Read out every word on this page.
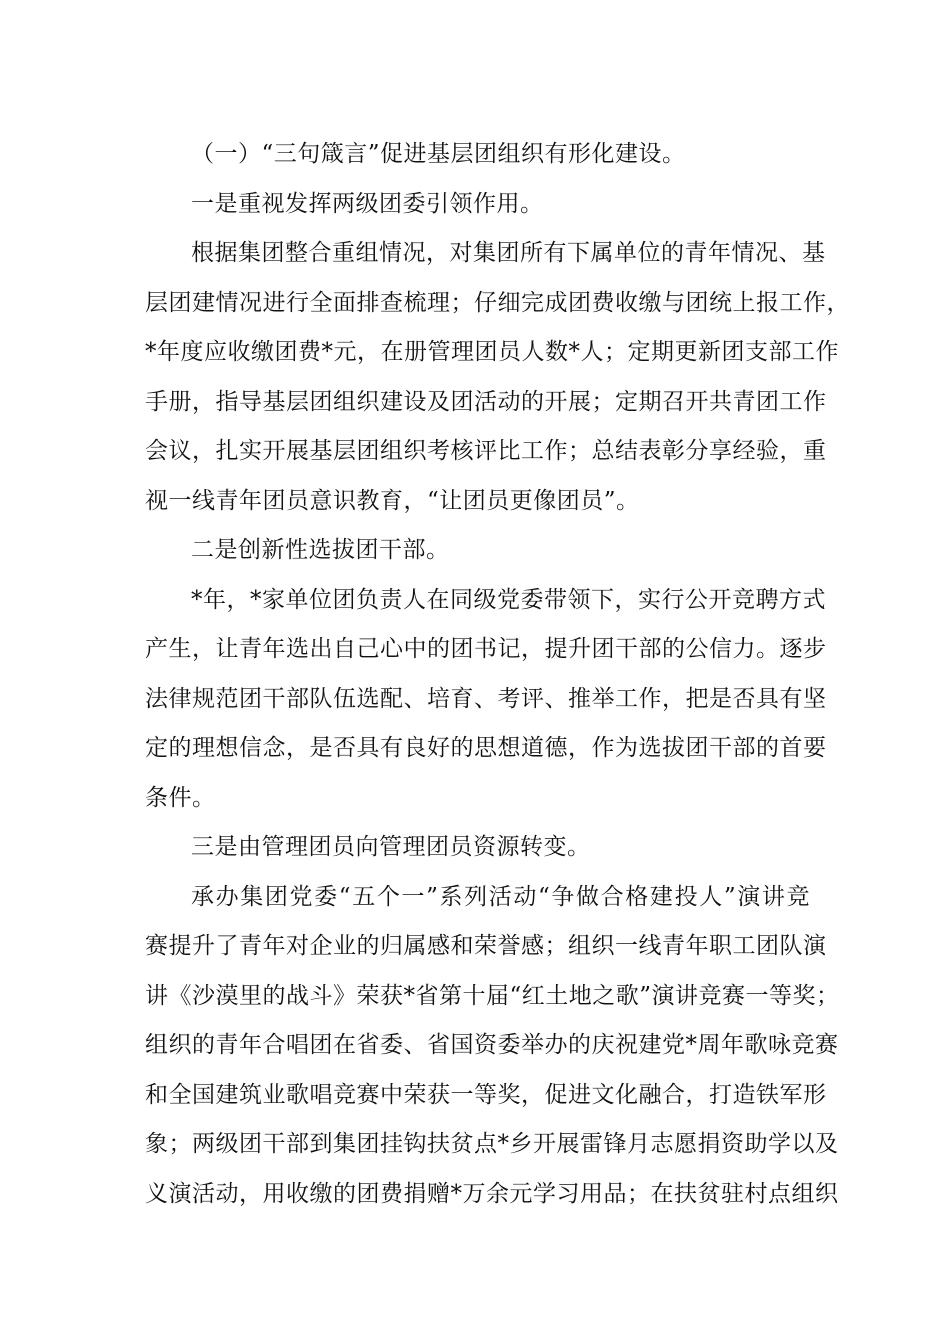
（一）“三句箴言”促进基层团组织有形化建设。
一是重视发挥两级团委引领作用。
根据集团整合重组情况，对集团所有下属单位的青年情况、基
层团建情况进行全面排查梳理；仔细完成团费收缴与团统上报工作，
*年度应收缴团费*元，在册管理团员人数*人；定期更新团支部工作
手册，指导基层团组织建设及团活动的开展；定期召开共青团工作
会议，扎实开展基层团组织考核评比工作；总结表彰分享经验，重
视一线青年团员意识教育，“让团员更像团员”。
二是创新性选拔团干部。
*年，*家单位团负责人在同级党委带领下，实行公开竞聘方式
产生，让青年选出自己心中的团书记，提升团干部的公信力。逐步
法律规范团干部队伍选配、培育、考评、推举工作，把是否具有坚
定的理想信念，是否具有良好的思想道德，作为选拔团干部的首要
条件。
三是由管理团员向管理团员资源转变。
承办集团党委“五个一”系列活动“争做合格建投人”演讲竞
赛提升了青年对企业的归属感和荣誉感；组织一线青年职工团队演
讲《沙漠里的战斗》荣获*省第十届“红土地之歌”演讲竞赛一等奖；
组织的青年合唱团在省委、省国资委举办的庆祝建党*周年歌咏竞赛
和全国建筑业歌唱竞赛中荣获一等奖，促进文化融合，打造铁军形
象；两级团干部到集团挂钩扶贫点*乡开展雷锋月志愿捐资助学以及
义演活动，用收缴的团费捐赠*万余元学习用品；在扶贫驻村点组织
